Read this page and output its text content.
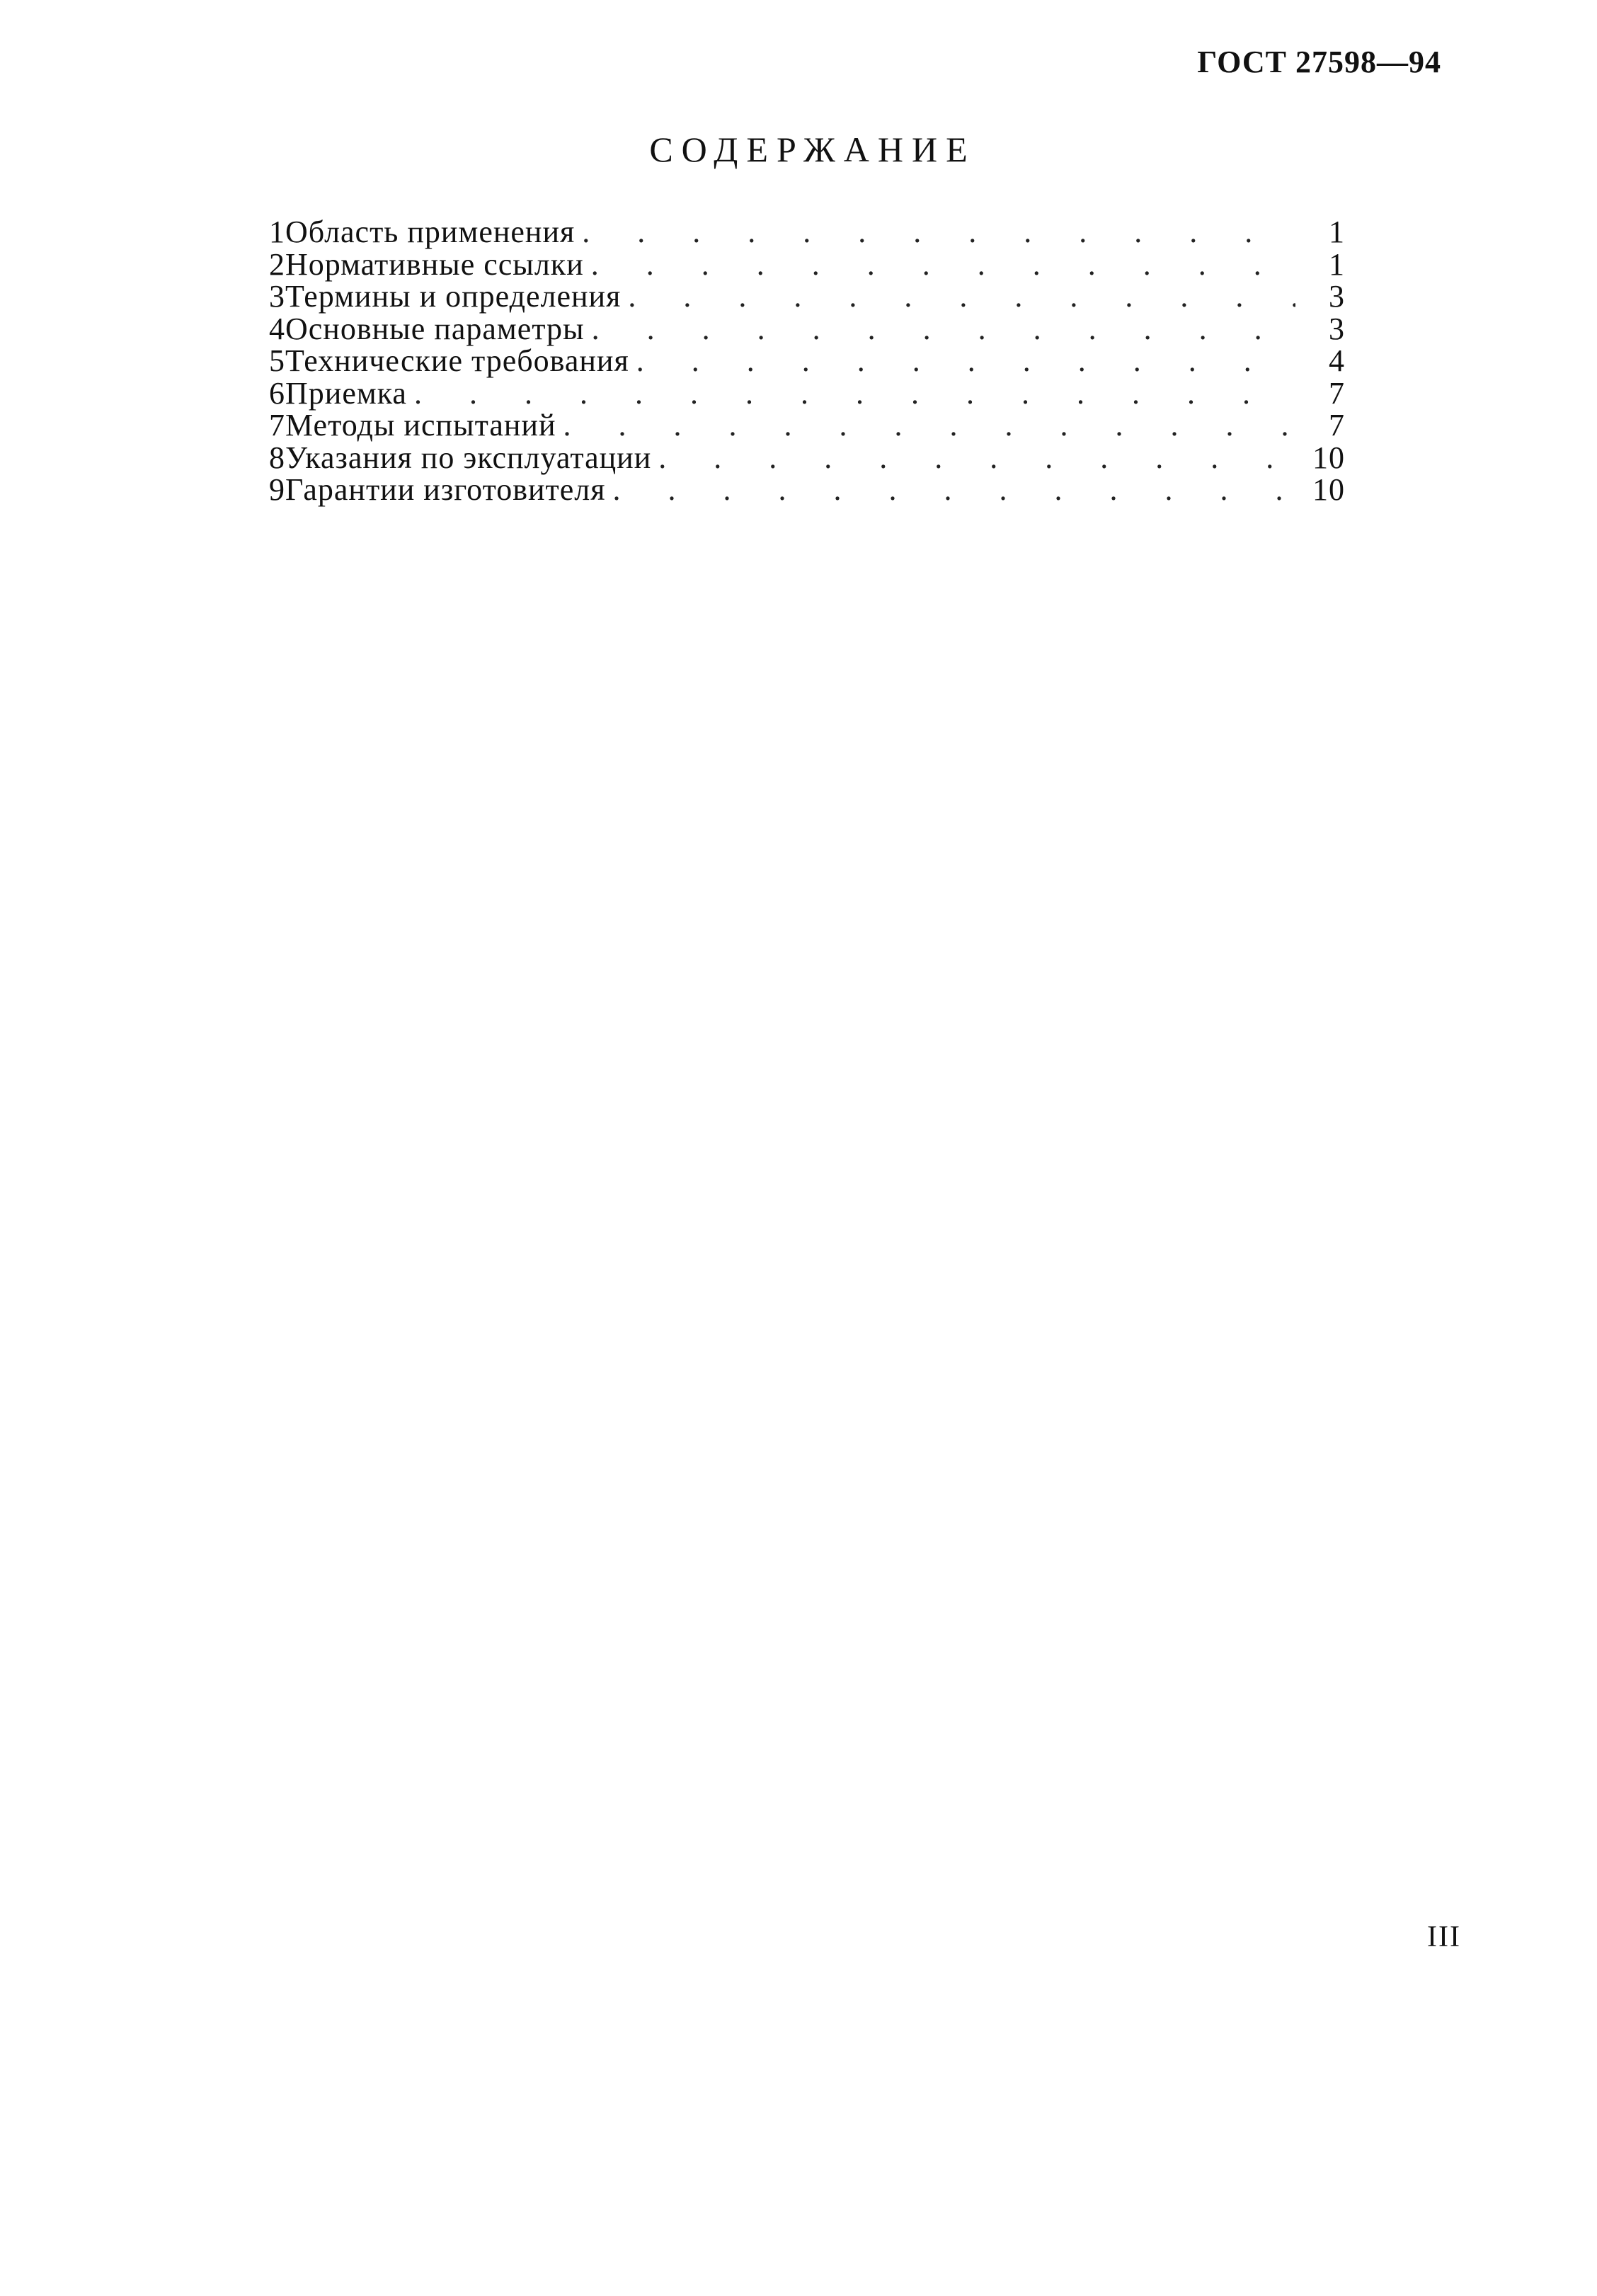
ГОСТ 27598—94

СОДЕРЖАНИЕ
1 Область применения . . .	1
2 Нормативные ссылки . . .	1
3 Термины и определения . . .	3
4 Основные параметры . . .	3
5 Технические требования . . .	4
6 Приемка . . .	7
7 Методы испытаний . . .	7
8 Указания по эксплуатации . . .	10
9 Гарантии изготовителя . . .	10

III
